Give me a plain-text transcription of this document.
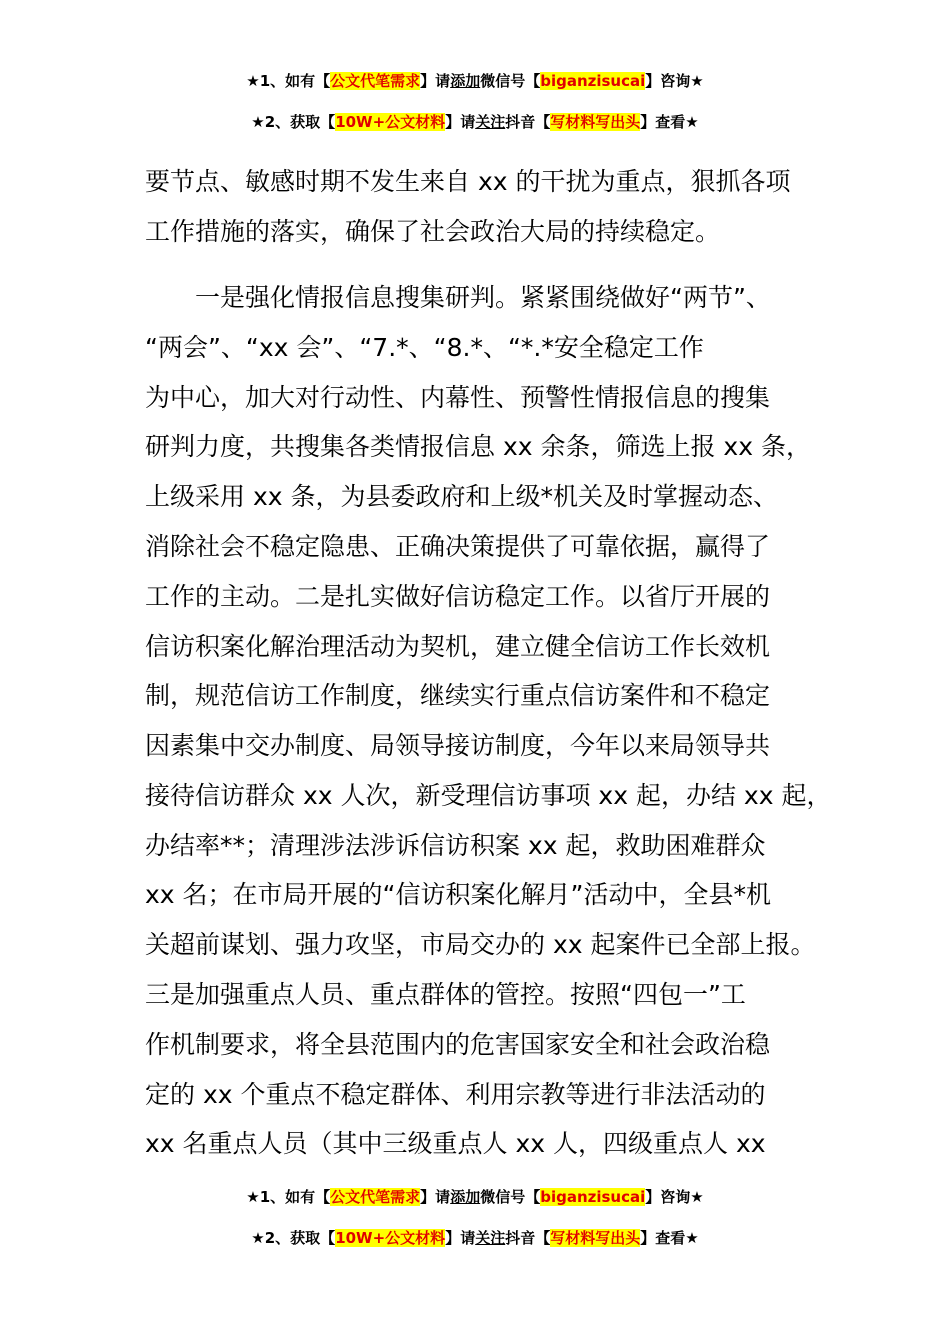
★1、如有【公文代笔需求】请添加微信号【biganzisucai】咨询★
★2、获取【10W+公文材料】请关注抖音【写材料写出头】查看★
要节点、敏感时期不发生来自 xx 的干扰为重点，狠抓各项
工作措施的落实，确保了社会政治大局的持续稳定。
一是强化情报信息搜集研判。紧紧围绕做好“两节”、
“两会”、“xx 会”、“7.*、“8.*、“*.*安全稳定工作
为中心，加大对行动性、内幕性、预警性情报信息的搜集
研判力度，共搜集各类情报信息 xx 余条，筛选上报 xx 条，
上级采用 xx 条，为县委政府和上级*机关及时掌握动态、
消除社会不稳定隐患、正确决策提供了可靠依据，赢得了
工作的主动。二是扎实做好信访稳定工作。以省厅开展的
信访积案化解治理活动为契机，建立健全信访工作长效机
制，规范信访工作制度，继续实行重点信访案件和不稳定
因素集中交办制度、局领导接访制度，今年以来局领导共
接待信访群众 xx 人次，新受理信访事项 xx 起，办结 xx 起，
办结率**；清理涉法涉诉信访积案 xx 起，救助困难群众
xx 名；在市局开展的“信访积案化解月”活动中，全县*机
关超前谋划、强力攻坚，市局交办的 xx 起案件已全部上报。
三是加强重点人员、重点群体的管控。按照“四包一”工
作机制要求，将全县范围内的危害国家安全和社会政治稳
定的 xx 个重点不稳定群体、利用宗教等进行非法活动的
xx 名重点人员（其中三级重点人 xx 人，四级重点人 xx
★1、如有【公文代笔需求】请添加微信号【biganzisucai】咨询★
★2、获取【10W+公文材料】请关注抖音【写材料写出头】查看★
